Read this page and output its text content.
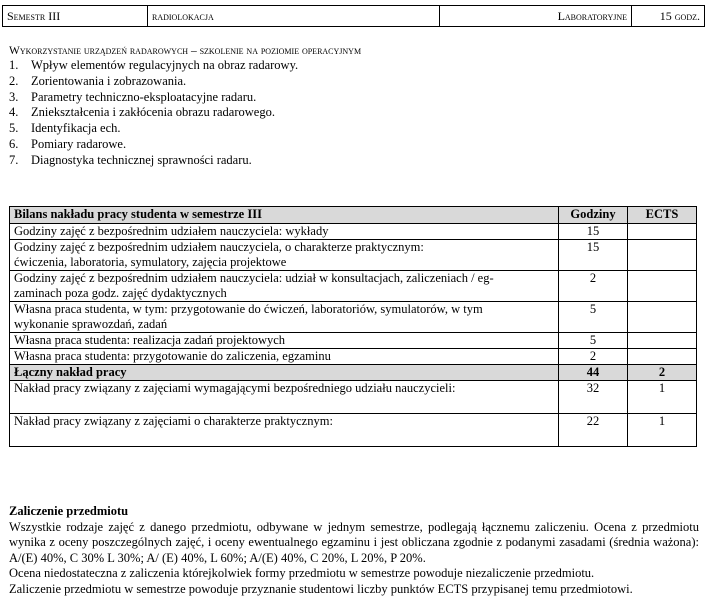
Semestr III	radiolokacja	Laboratoryjne	15 godz.

Wykorzystanie urządzeń radarowych – szkolenie na poziomie operacyjnym

1.	Wpływ elementów regulacyjnych na obraz radarowy.
2.	Zorientowania i zobrazowania.
3.	Parametry techniczno-eksploatacyjne radaru.
4.	Zniekształcenia i zakłócenia obrazu radarowego.
5.	Identyfikacja ech.
6.	Pomiary radarowe.
7.	Diagnostyka technicznej sprawności radaru.
Bilans nakładu pracy studenta w semestrze III	Godziny	ECTS
Godziny zajęć z bezpośrednim udziałem nauczyciela: wykłady	15	

Godziny zajęć z bezpośrednim udziałem nauczyciela, o charakterze praktycznym:
ćwiczenia, laboratoria, symulatory, zajęcia projektowe	15	

Godziny zajęć z bezpośrednim udziałem nauczyciela: udział w konsultacjach, zaliczeniach / eg-
zaminach poza godz. zajęć dydaktycznych	2	

Własna praca studenta, w tym: przygotowanie do ćwiczeń, laboratoriów, symulatorów, w tym
wykonanie sprawozdań, zadań	5	
Własna praca studenta: realizacja zadań projektowych	5	
Własna praca studenta: przygotowanie do zaliczenia, egzaminu	2	
Łączny nakład pracy	44	2
Nakład pracy związany z zajęciami wymagającymi bezpośredniego udziału nauczycieli:	32	1
Nakład pracy związany z zajęciami o charakterze praktycznym:	22	1

Zaliczenie przedmiotu

Wszystkie rodzaje zajęć z danego przedmiotu, odbywane w jednym semestrze, podlegają łącznemu zaliczeniu. Ocena z przedmiotu wynika z oceny poszczególnych zajęć, i oceny ewentualnego egzaminu i jest obliczana zgodnie z podanymi zasadami (średnia ważona): A/(E) 40%, C 30% L 30%; A/ (E) 40%, L 60%; A/(E) 40%, C 20%, L 20%, P 20%.

Ocena niedostateczna z zaliczenia którejkolwiek formy przedmiotu w semestrze powoduje niezaliczenie przedmiotu.

Zaliczenie przedmiotu w semestrze powoduje przyznanie studentowi liczby punktów ECTS przypisanej temu przedmiotowi.
